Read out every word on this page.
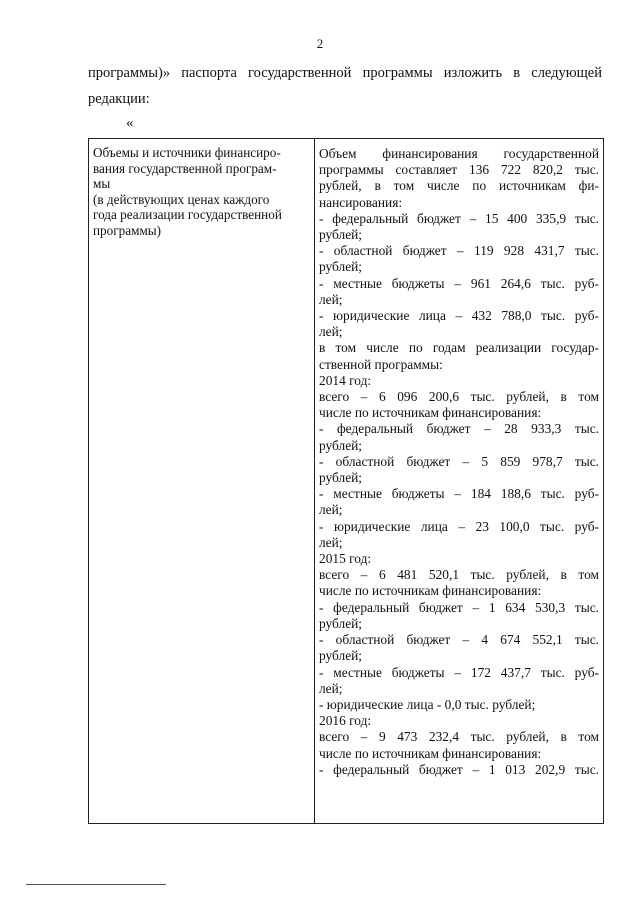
2
программы)» паспорта государственной программы изложить в следующей
редакции:
«
Объемы и источники финансиро-
вания государственной програм-
мы
(в действующих ценах каждого
года реализации государственной
программы)
Объем финансирования государственной
программы составляет 136 722 820,2 тыс.
рублей, в том числе по источникам фи-
нансирования:
- федеральный бюджет – 15 400 335,9 тыс.
рублей;
- областной бюджет – 119 928 431,7 тыс.
рублей;
- местные бюджеты – 961 264,6 тыс. руб-
лей;
- юридические лица – 432 788,0 тыс. руб-
лей;
в том числе по годам реализации государ-
ственной программы:
2014 год:
всего – 6 096 200,6 тыс. рублей, в том
числе по источникам финансирования:
- федеральный бюджет – 28 933,3 тыс.
рублей;
- областной бюджет – 5 859 978,7 тыс.
рублей;
- местные бюджеты – 184 188,6 тыс. руб-
лей;
- юридические лица – 23 100,0 тыс. руб-
лей;
2015 год:
всего – 6 481 520,1 тыс. рублей, в том
числе по источникам финансирования:
- федеральный бюджет – 1 634 530,3 тыс.
рублей;
- областной бюджет – 4 674 552,1 тыс.
рублей;
- местные бюджеты – 172 437,7 тыс. руб-
лей;
- юридические лица - 0,0 тыс. рублей;
2016 год:
всего – 9 473 232,4 тыс. рублей, в том
числе по источникам финансирования:
- федеральный бюджет – 1 013 202,9 тыс.
